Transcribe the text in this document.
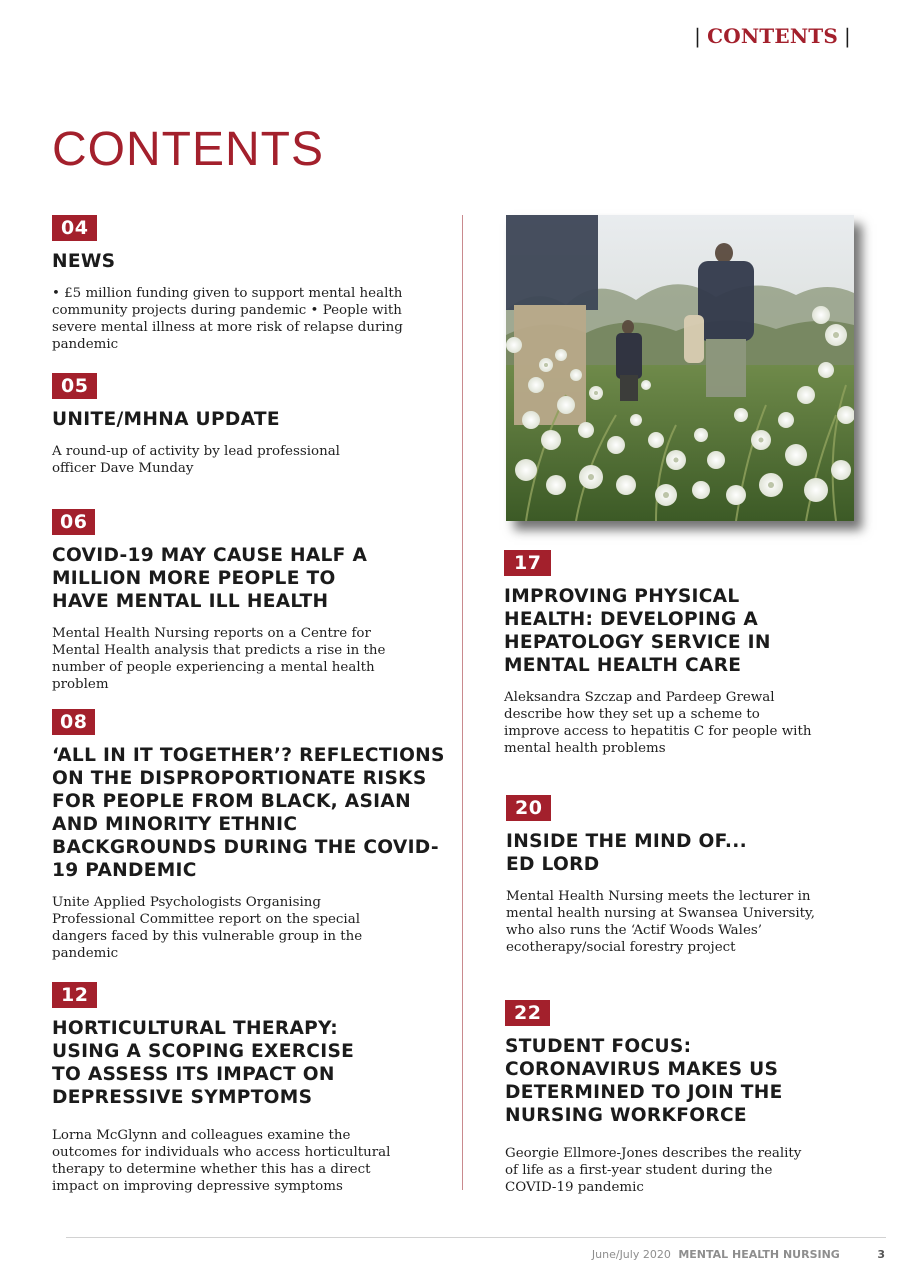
| CONTENTS |
CONTENTS
04
NEWS

• £5 million funding given to support mental health community projects during pandemic • People with severe mental illness at more risk of relapse during pandemic

05
UNITE/MHNA UPDATE

A round-up of activity by lead professional officer Dave Munday

06
COVID-19 MAY CAUSE HALF A MILLION MORE PEOPLE TO HAVE MENTAL ILL HEALTH

Mental Health Nursing reports on a Centre for Mental Health analysis that predicts a rise in the number of people experiencing a mental health problem

08
‘ALL IN IT TOGETHER’? REFLECTIONS ON THE DISPROPORTIONATE RISKS FOR PEOPLE FROM BLACK, ASIAN AND MINORITY ETHNIC BACKGROUNDS DURING THE COVID-19 PANDEMIC

Unite Applied Psychologists Organising Professional Committee report on the special dangers faced by this vulnerable group in the pandemic

12
HORTICULTURAL THERAPY: USING A SCOPING EXERCISE TO ASSESS ITS IMPACT ON DEPRESSIVE SYMPTOMS

Lorna McGlynn and colleagues examine the outcomes for individuals who access horticultural therapy to determine whether this has a direct impact on improving depressive symptoms

17
IMPROVING PHYSICAL HEALTH: DEVELOPING A HEPATOLOGY SERVICE IN MENTAL HEALTH CARE

Aleksandra Szczap and Pardeep Grewal describe how they set up a scheme to improve access to hepatitis C for people with mental health problems

20
INSIDE THE MIND OF... ED LORD

Mental Health Nursing meets the lecturer in mental health nursing at Swansea University, who also runs the ‘Actif Woods Wales’ ecotherapy/social forestry project

22
STUDENT FOCUS: CORONAVIRUS MAKES US DETERMINED TO JOIN THE NURSING WORKFORCE

Georgie Ellmore-Jones describes the reality of life as a first-year student during the COVID-19 pandemic

June/July 2020 MENTAL HEALTH NURSING	3
